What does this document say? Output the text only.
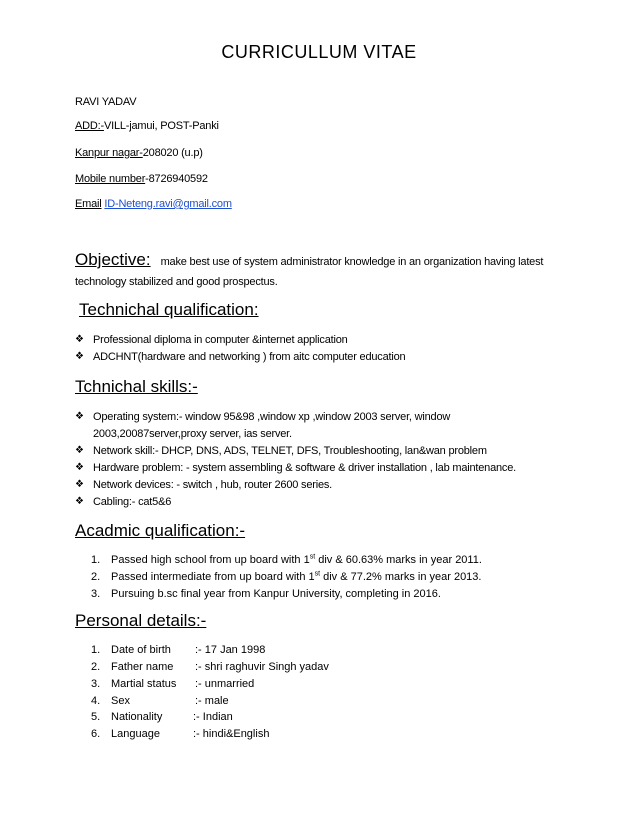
CURRICULLUM VITAE
RAVI YADAV
ADD:-VILL-jamui, POST-Panki
Kanpur nagar-208020 (u.p)
Mobile number-8726940592
Email ID-Neteng.ravi@gmail.com
Objective: make best use of system administrator knowledge in an organization having latest
technology stabilized and good prospectus.
Technichal qualification:
❖ Professional diploma in computer &internet application
❖ ADCHNT(hardware and networking ) from aitc computer education
Tchnichal skills:-
❖ Operating system:- window 95&98 ,window xp ,window 2003 server, window
2003,20087server,proxy server, ias server.
❖ Network skill:- DHCP, DNS, ADS, TELNET, DFS, Troubleshooting, lan&wan problem
❖ Hardware problem: - system assembling & software & driver installation , lab maintenance.
❖ Network devices: - switch , hub, router 2600 series.
❖ Cabling:- cat5&6
Acadmic qualification:-
1. Passed high school from up board with 1st div & 60.63% marks in year 2011.
2. Passed intermediate from up board with 1st div & 77.2% marks in year 2013.
3. Pursuing b.sc final year from Kanpur University, completing in 2016.
Personal details:-
1. Date of birth :- 17 Jan 1998
2. Father name :- shri raghuvir Singh yadav
3. Martial status :- unmarried
4. Sex	:- male
5. Nationality	:- Indian
6. Language	:- hindi&English
